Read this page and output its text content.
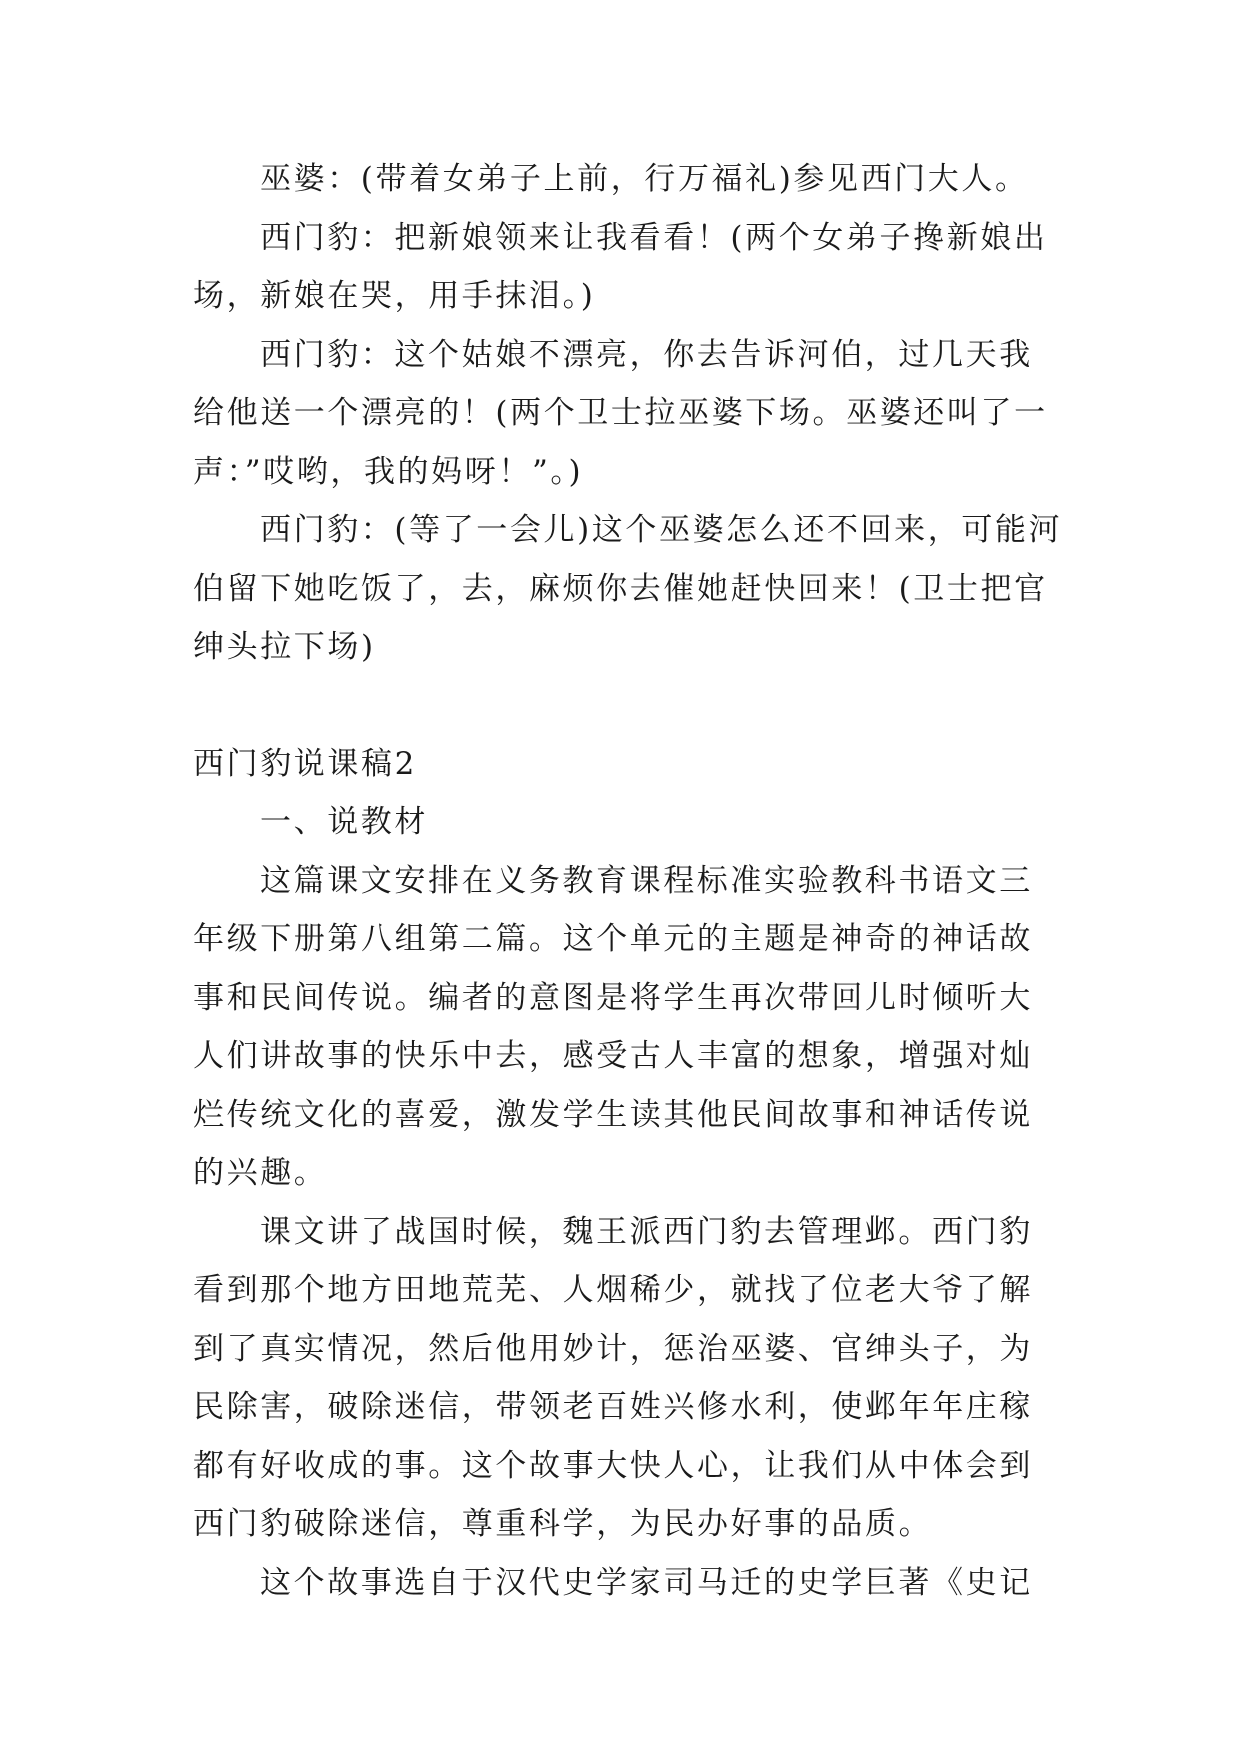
巫婆：(带着女弟子上前，行万福礼)参见西门大人。

西门豹：把新娘领来让我看看！(两个女弟子搀新娘出场，新娘在哭，用手抹泪。)

西门豹：这个姑娘不漂亮，你去告诉河伯，过几天我给他送一个漂亮的！(两个卫士拉巫婆下场。巫婆还叫了一声：”哎哟，我的妈呀！”。)

西门豹：(等了一会儿)这个巫婆怎么还不回来，可能河伯留下她吃饭了，去，麻烦你去催她赶快回来！(卫士把官绅头拉下场)

西门豹说课稿2

一、说教材

这篇课文安排在义务教育课程标准实验教科书语文三年级下册第八组第二篇。这个单元的主题是神奇的神话故事和民间传说。编者的意图是将学生再次带回儿时倾听大人们讲故事的快乐中去，感受古人丰富的想象，增强对灿烂传统文化的喜爱，激发学生读其他民间故事和神话传说的兴趣。

课文讲了战国时候，魏王派西门豹去管理邺。西门豹看到那个地方田地荒芜、人烟稀少，就找了位老大爷了解到了真实情况，然后他用妙计，惩治巫婆、官绅头子，为民除害，破除迷信，带领老百姓兴修水利，使邺年年庄稼都有好收成的事。这个故事大快人心，让我们从中体会到西门豹破除迷信，尊重科学，为民办好事的品质。

这个故事选自于汉代史学家司马迁的史学巨著《史记
